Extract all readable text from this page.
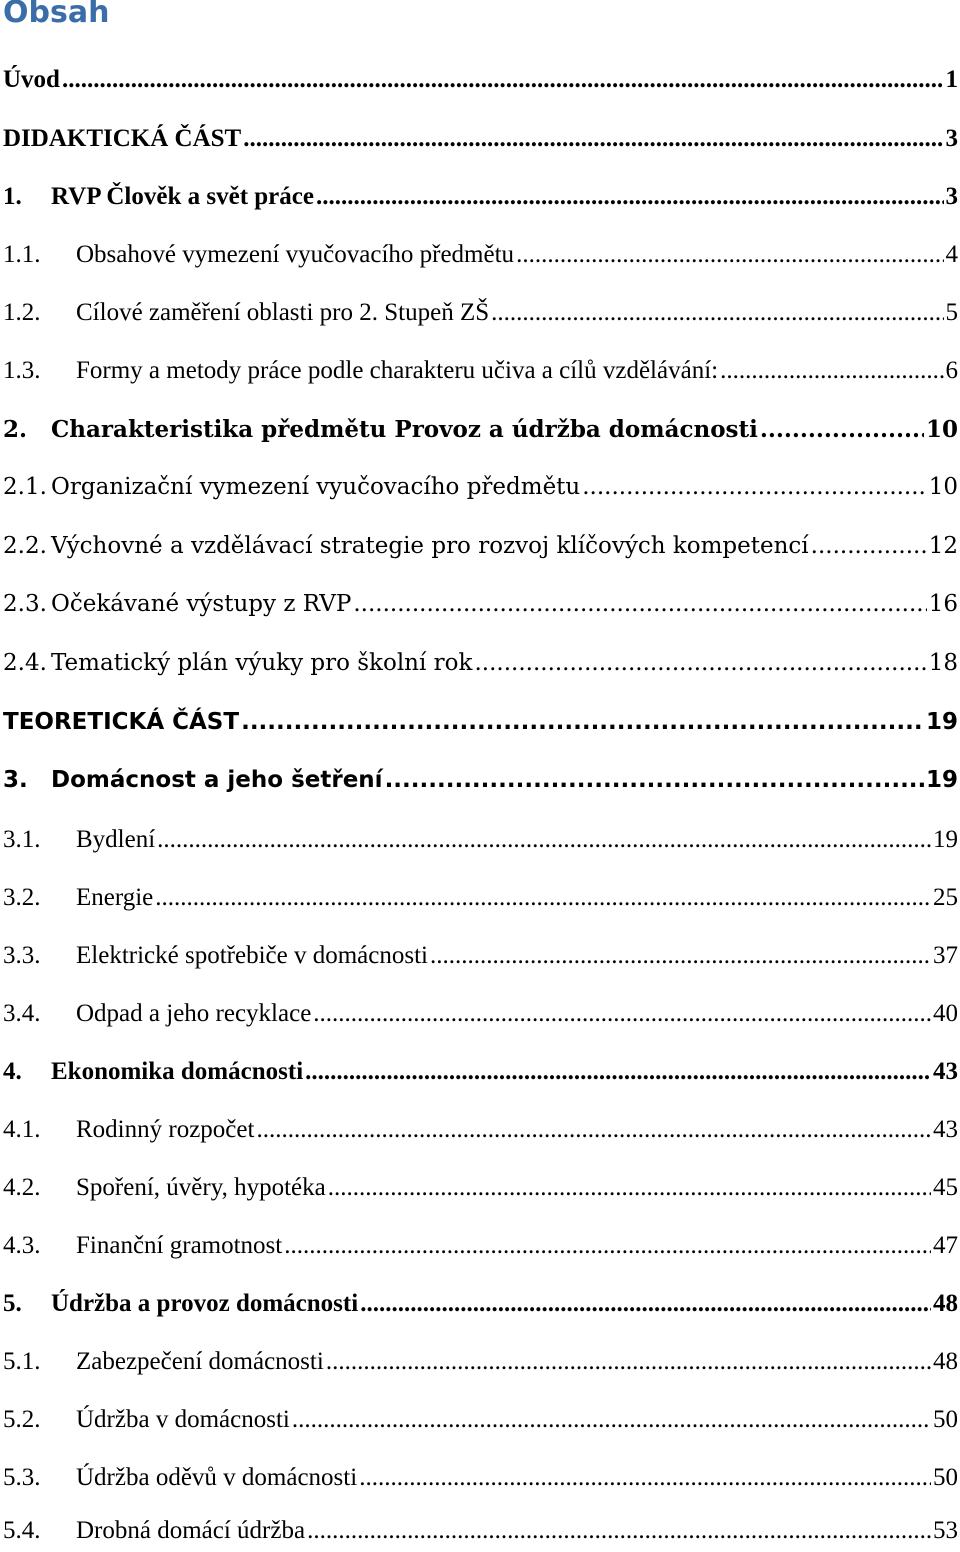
Obsah
Úvod .....	1
DIDAKTICKÁ ČÁST .....	3
1.	RVP Člověk a svět práce .....	3
1.1.	Obsahové vymezení vyučovacího předmětu .....	4
1.2.	Cílové zaměření oblasti pro 2. Stupeň ZŠ .....	5
1.3.	Formy a metody práce podle charakteru učiva a cílů vzdělávání: .....	6
2.	Charakteristika předmětu Provoz a údržba domácnosti .....	10
2.1. Organizační vymezení vyučovacího předmětu .....	10
2.2. Výchovné a vzdělávací strategie pro rozvoj klíčových kompetencí .....	12
2.3. Očekávané výstupy z RVP .....	16
2.4. Tematický plán výuky pro školní rok .....	18
TEORETICKÁ ČÁST .....	19
3.	Domácnost a jeho šetření .....	19
3.1.	Bydlení .....	19
3.2.	Energie .....	25
3.3.	Elektrické spotřebiče v domácnosti .....	37
3.4.	Odpad a jeho recyklace .....	40
4.	Ekonomika domácnosti .....	43
4.1.	Rodinný rozpočet .....	43
4.2.	Spoření, úvěry, hypotéka .....	45
4.3.	Finanční gramotnost .....	47
5.	Údržba a provoz domácnosti .....	48
5.1.	Zabezpečení domácnosti .....	48
5.2.	Údržba v domácnosti .....	50
5.3.	Údržba oděvů v domácnosti .....	50
5.4.	Drobná domácí údržba .....	53
